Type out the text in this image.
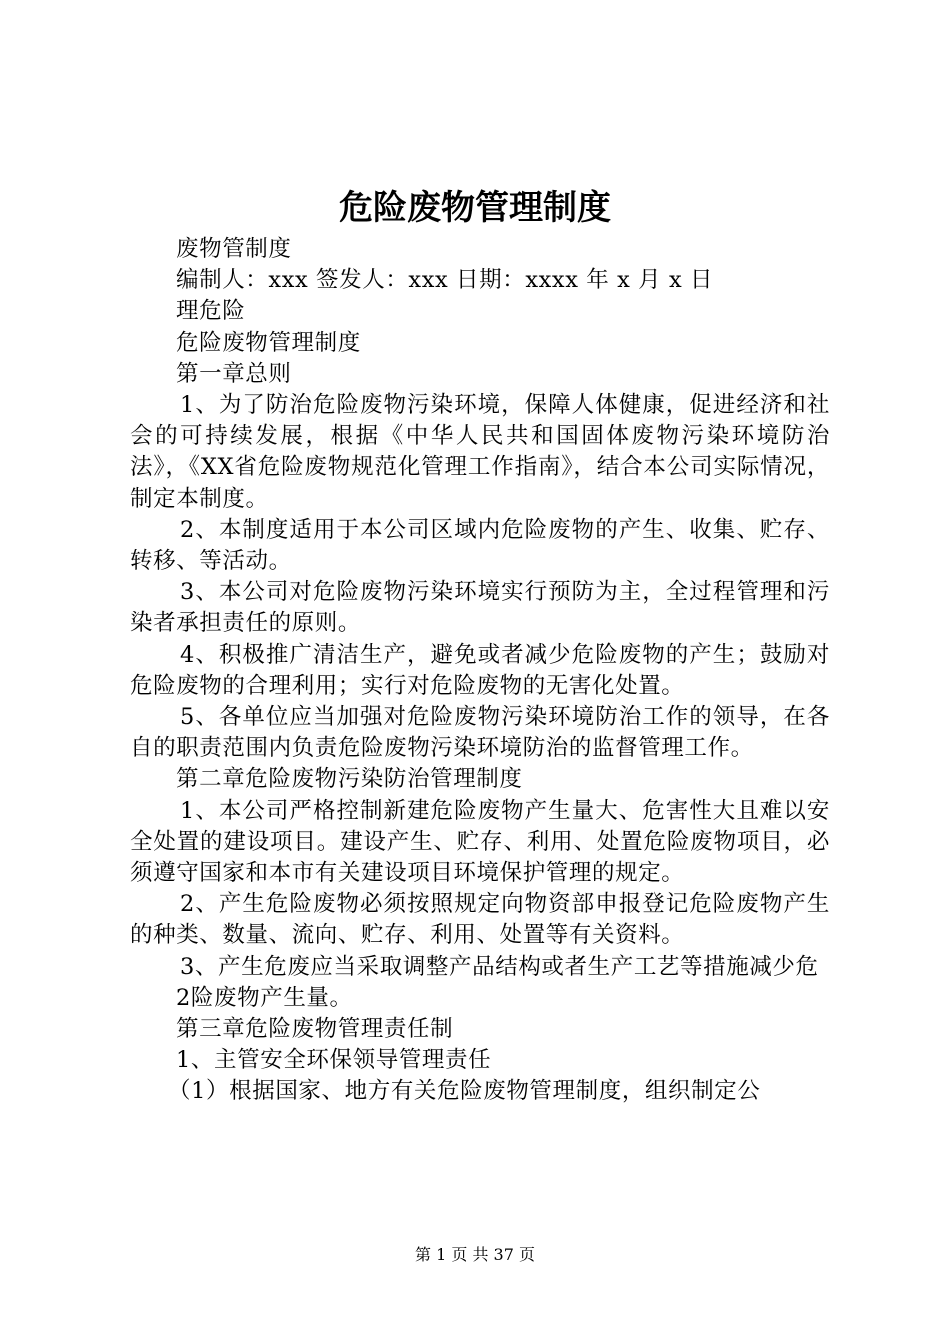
危险废物管理制度

废物管制度

编制人：xxx 签发人：xxx 日期：xxxx 年 x 月 x 日

理危险

危险废物管理制度

第一章总则

1、为了防治危险废物污染环境，保障人体健康，促进经济和社会的可持续发展，根据《中华人民共和国固体废物污染环境防治法》，《XX省危险废物规范化管理工作指南》，结合本公司实际情况，制定本制度。

2、本制度适用于本公司区域内危险废物的产生、收集、贮存、转移、等活动。

3、本公司对危险废物污染环境实行预防为主，全过程管理和污染者承担责任的原则。

4、积极推广清洁生产，避免或者减少危险废物的产生；鼓励对危险废物的合理利用；实行对危险废物的无害化处置。

5、各单位应当加强对危险废物污染环境防治工作的领导，在各自的职责范围内负责危险废物污染环境防治的监督管理工作。

第二章危险废物污染防治管理制度

1、本公司严格控制新建危险废物产生量大、危害性大且难以安全处置的建设项目。建设产生、贮存、利用、处置危险废物项目，必须遵守国家和本市有关建设项目环境保护管理的规定。

2、产生危险废物必须按照规定向物资部申报登记危险废物产生的种类、数量、流向、贮存、利用、处置等有关资料。

3、产生危废应当采取调整产品结构或者生产工艺等措施减少危

2险废物产生量。

第三章危险废物管理责任制

1、主管安全环保领导管理责任

（1）根据国家、地方有关危险废物管理制度，组织制定公

第 1 页 共 37 页
